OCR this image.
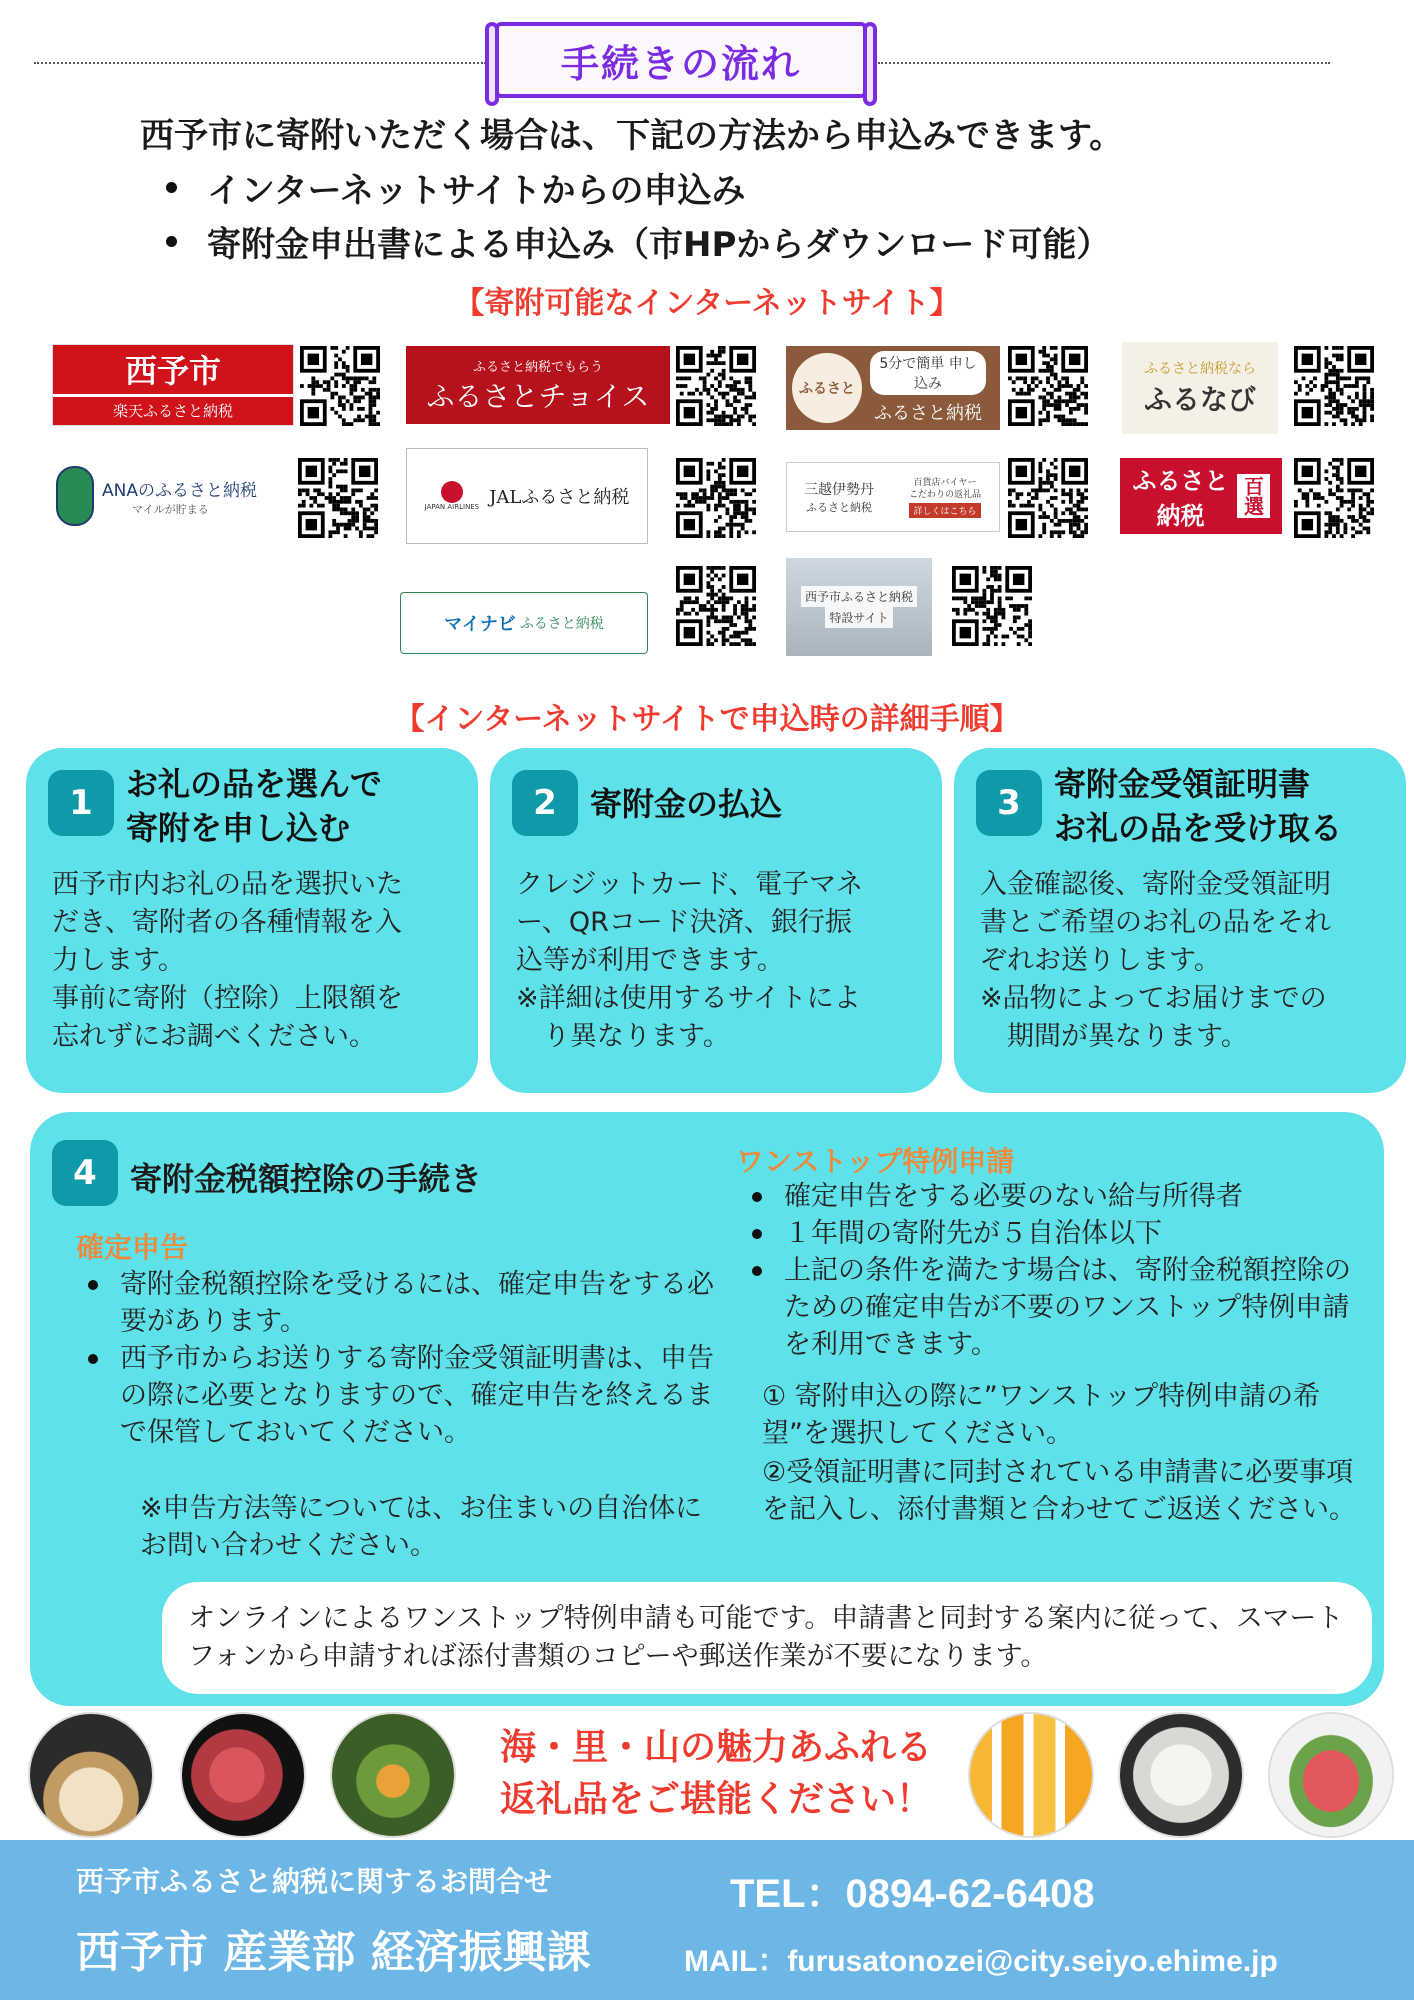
手続きの流れ
西予市に寄附いただく場合は、下記の方法から申込みできます。
インターネットサイトからの申込み
寄附金申出書による申込み（市HPからダウンロード可能）
【寄附可能なインターネットサイト】
西予市
楽天ふるさと納税
ふるさと納税でもらう
ふるさとチョイス	ふるさと
5分で簡単 申し込み
ふるさと納税
ふるさと納税なら
ふるなび
ANAのふるさと納税
マイルが貯まる	JAPAN AIRLINES JALふるさと納税	三越伊勢丹
ふるさと納税
百貨店バイヤー こだわりの返礼品
詳しくはこちら
ふるさと
納税 百選
マイナビ ふるさと納税
西予市ふるさと納税
特設サイト
【インターネットサイトで申込時の詳細手順】
1	お礼の品を選んで
寄附を申し込む
西予市内お礼の品を選択いた
だき、寄附者の各種情報を入
力します。
事前に寄附（控除）上限額を
忘れずにお調べください。
2	寄附金の払込
クレジットカード、電子マネ
ー、QRコード決済、銀行振
込等が利用できます。
※詳細は使用するサイトによ
　り異なります。
3	寄附金受領証明書
お礼の品を受け取る
入金確認後、寄附金受領証明
書とご希望のお礼の品をそれ
ぞれお送りします。
※品物によってお届けまでの
　期間が異なります。
4	寄附金税額控除の手続き
確定申告
寄附金税額控除を受けるには、確定申告をする必要があります。
西予市からお送りする寄附金受領証明書は、申告の際に必要となりますので、確定申告を終えるまで保管しておいてください。
※申告方法等については、お住まいの自治体にお問い合わせください。
ワンストップ特例申請
確定申告をする必要のない給与所得者
１年間の寄附先が５自治体以下
上記の条件を満たす場合は、寄附金税額控除のための確定申告が不要のワンストップ特例申請を利用できます。
① 寄附申込の際に”ワンストップ特例申請の希望”を選択してください。
②受領証明書に同封されている申請書に必要事項を記入し、添付書類と合わせてご返送ください。
オンラインによるワンストップ特例申請も可能です。申請書と同封する案内に従って、スマートフォンから申請すれば添付書類のコピーや郵送作業が不要になります。
海・里・山の魅力あふれる
返礼品をご堪能ください！
西予市ふるさと納税に関するお問合せ
西予市 産業部 経済振興課
TEL：0894-62-6408
MAIL：furusatonozei@city.seiyo.ehime.jp
